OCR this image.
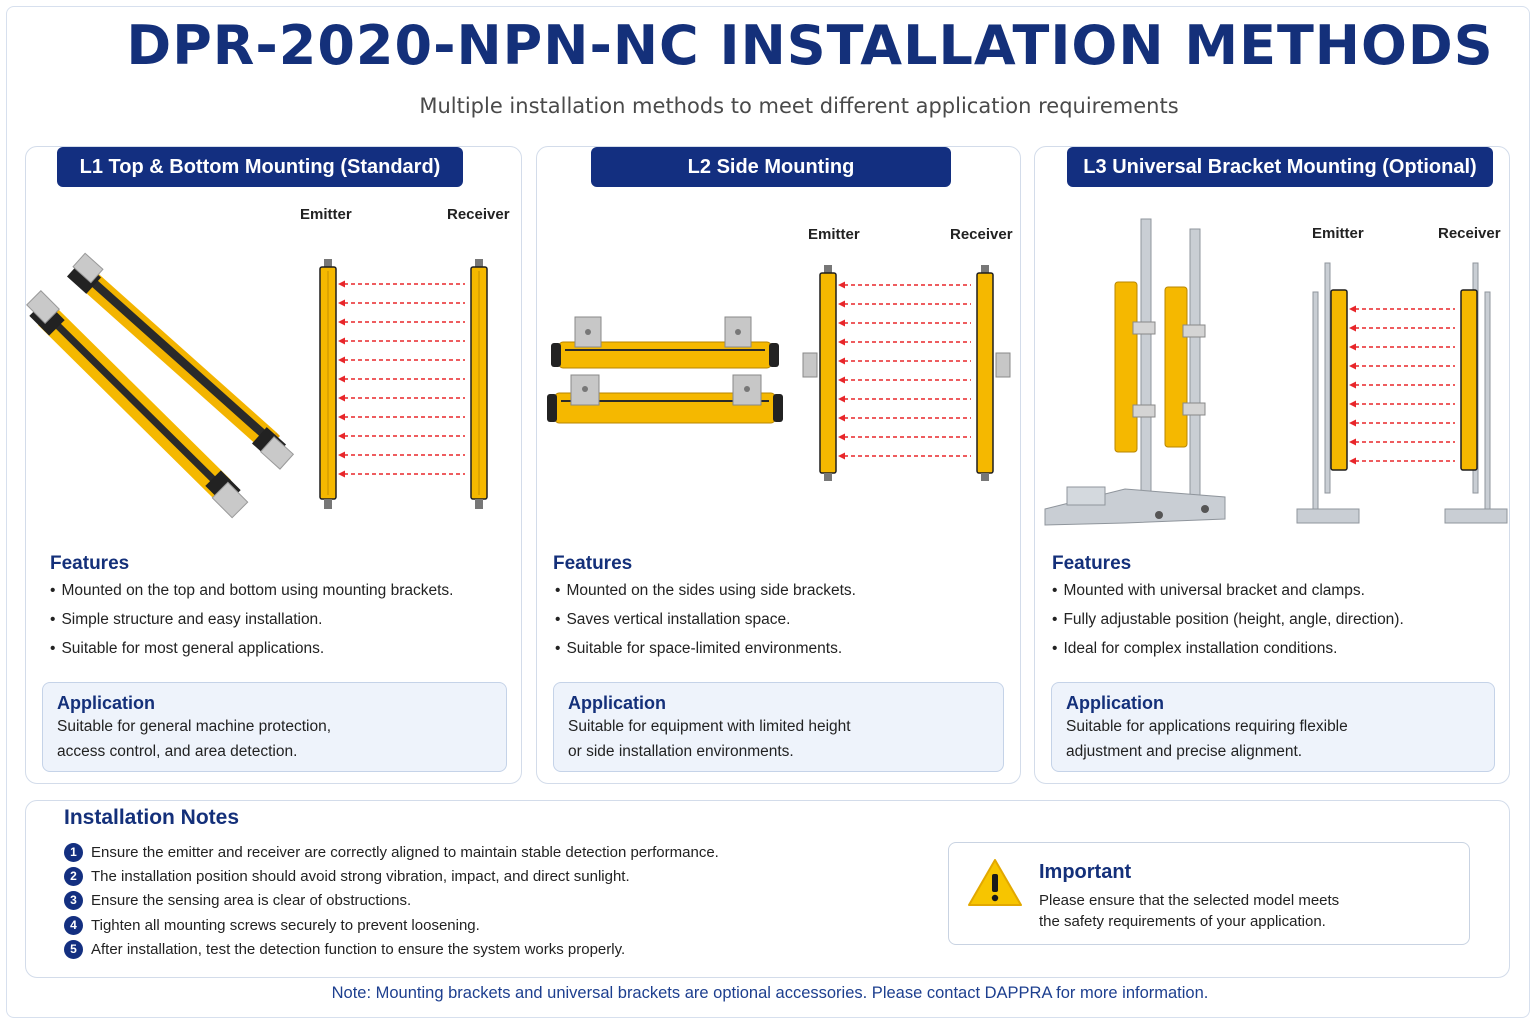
DPR-2020-NPN-NC INSTALLATION METHODS
Multiple installation methods to meet different application requirements
L1 Top & Bottom Mounting (Standard)
Emitter	Receiver
Features
• Mounted on the top and bottom using mounting brackets.
• Simple structure and easy installation.
• Suitable for most general applications.
Application
Suitable for general machine protection,
access control, and area detection.
L2 Side Mounting
Emitter	Receiver
Features
• Mounted on the sides using side brackets.
• Saves vertical installation space.
• Suitable for space-limited environments.
Application
Suitable for equipment with limited height
or side installation environments.
L3 Universal Bracket Mounting (Optional)
Emitter	Receiver
Features
• Mounted with universal bracket and clamps.
• Fully adjustable position (height, angle, direction).
• Ideal for complex installation conditions.
Application
Suitable for applications requiring flexible
adjustment and precise alignment.
Installation Notes
1 Ensure the emitter and receiver are correctly aligned to maintain stable detection performance.
2 The installation position should avoid strong vibration, impact, and direct sunlight.
3 Ensure the sensing area is clear of obstructions.
4 Tighten all mounting screws securely to prevent loosening.
5 After installation, test the detection function to ensure the system works properly.
Important
Please ensure that the selected model meets
the safety requirements of your application.
Note: Mounting brackets and universal brackets are optional accessories. Please contact DAPPRA for more information.
